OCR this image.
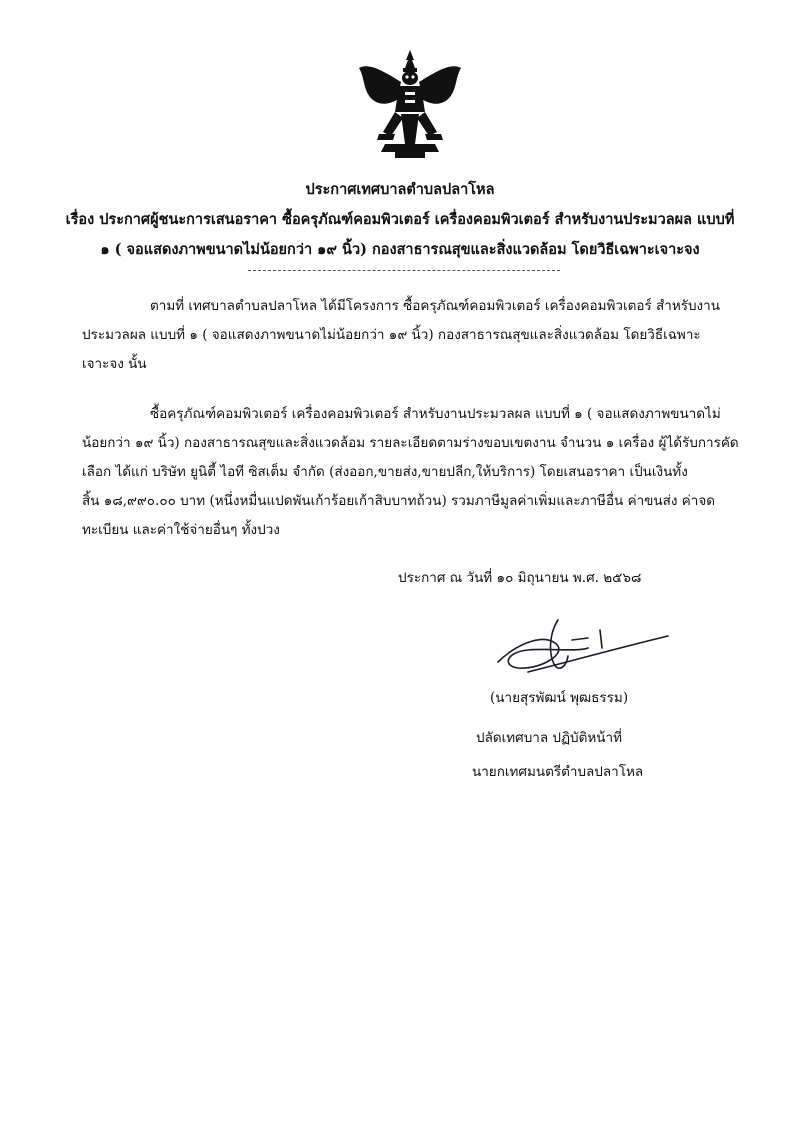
ประกาศเทศบาลตำบลปลาโหล
เรื่อง ประกาศผู้ชนะการเสนอราคา ซื้อครุภัณฑ์คอมพิวเตอร์ เครื่องคอมพิวเตอร์ สำหรับงานประมวลผล แบบที่
๑ ( จอแสดงภาพขนาดไม่น้อยกว่า ๑๙ นิ้ว) กองสาธารณสุขและสิ่งแวดล้อม โดยวิธีเฉพาะเจาะจง
ตามที่ เทศบาลตำบลปลาโหล ได้มีโครงการ ซื้อครุภัณฑ์คอมพิวเตอร์ เครื่องคอมพิวเตอร์ สำหรับงาน
ประมวลผล แบบที่ ๑ ( จอแสดงภาพขนาดไม่น้อยกว่า ๑๙ นิ้ว) กองสาธารณสุขและสิ่งแวดล้อม โดยวิธีเฉพาะ
เจาะจง นั้น
ซื้อครุภัณฑ์คอมพิวเตอร์ เครื่องคอมพิวเตอร์ สำหรับงานประมวลผล แบบที่ ๑ ( จอแสดงภาพขนาดไม่
น้อยกว่า ๑๙ นิ้ว) กองสาธารณสุขและสิ่งแวดล้อม รายละเอียดตามร่างขอบเขตงาน จำนวน ๑ เครื่อง ผู้ได้รับการคัด
เลือก ได้แก่ บริษัท ยูนิตี้ ไอที ซิสเต็ม จำกัด (ส่งออก,ขายส่ง,ขายปลีก,ให้บริการ) โดยเสนอราคา เป็นเงินทั้ง
สิ้น ๑๘,๙๙๐.๐๐ บาท (หนึ่งหมื่นแปดพันเก้าร้อยเก้าสิบบาทถ้วน) รวมภาษีมูลค่าเพิ่มและภาษีอื่น ค่าขนส่ง ค่าจด
ทะเบียน และค่าใช้จ่ายอื่นๆ ทั้งปวง
ประกาศ ณ วันที่ ๑๐ มิถุนายน พ.ศ. ๒๕๖๘
(นายสุรพัฒน์ พุฒธรรม)
ปลัดเทศบาล ปฏิบัติหน้าที่
นายกเทศมนตรีตำบลปลาโหล
